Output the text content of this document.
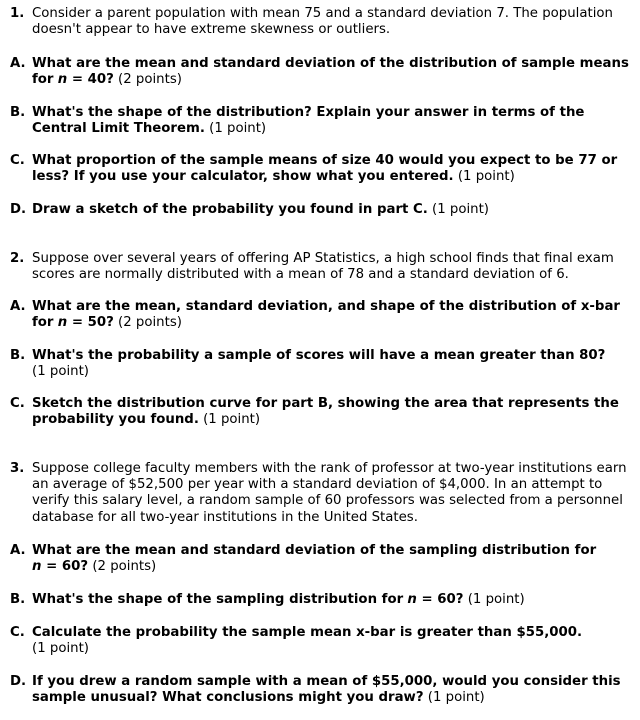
1. Consider a parent population with mean 75 and a standard deviation 7. The population doesn't appear to have extreme skewness or outliers.
A. What are the mean and standard deviation of the distribution of sample means for n = 40? (2 points)
B. What's the shape of the distribution? Explain your answer in terms of the Central Limit Theorem. (1 point)
C. What proportion of the sample means of size 40 would you expect to be 77 or less? If you use your calculator, show what you entered. (1 point)
D. Draw a sketch of the probability you found in part C. (1 point)
2. Suppose over several years of offering AP Statistics, a high school finds that final exam scores are normally distributed with a mean of 78 and a standard deviation of 6.
A. What are the mean, standard deviation, and shape of the distribution of x-bar for n = 50? (2 points)
B. What's the probability a sample of scores will have a mean greater than 80?
(1 point)
C. Sketch the distribution curve for part B, showing the area that represents the probability you found. (1 point)
3. Suppose college faculty members with the rank of professor at two-year institutions earn an average of $52,500 per year with a standard deviation of $4,000. In an attempt to verify this salary level, a random sample of 60 professors was selected from a personnel database for all two-year institutions in the United States.
A. What are the mean and standard deviation of the sampling distribution for
n = 60? (2 points)
B. What's the shape of the sampling distribution for n = 60? (1 point)
C. Calculate the probability the sample mean x-bar is greater than $55,000.
(1 point)
D. If you drew a random sample with a mean of $55,000, would you consider this sample unusual? What conclusions might you draw? (1 point)
